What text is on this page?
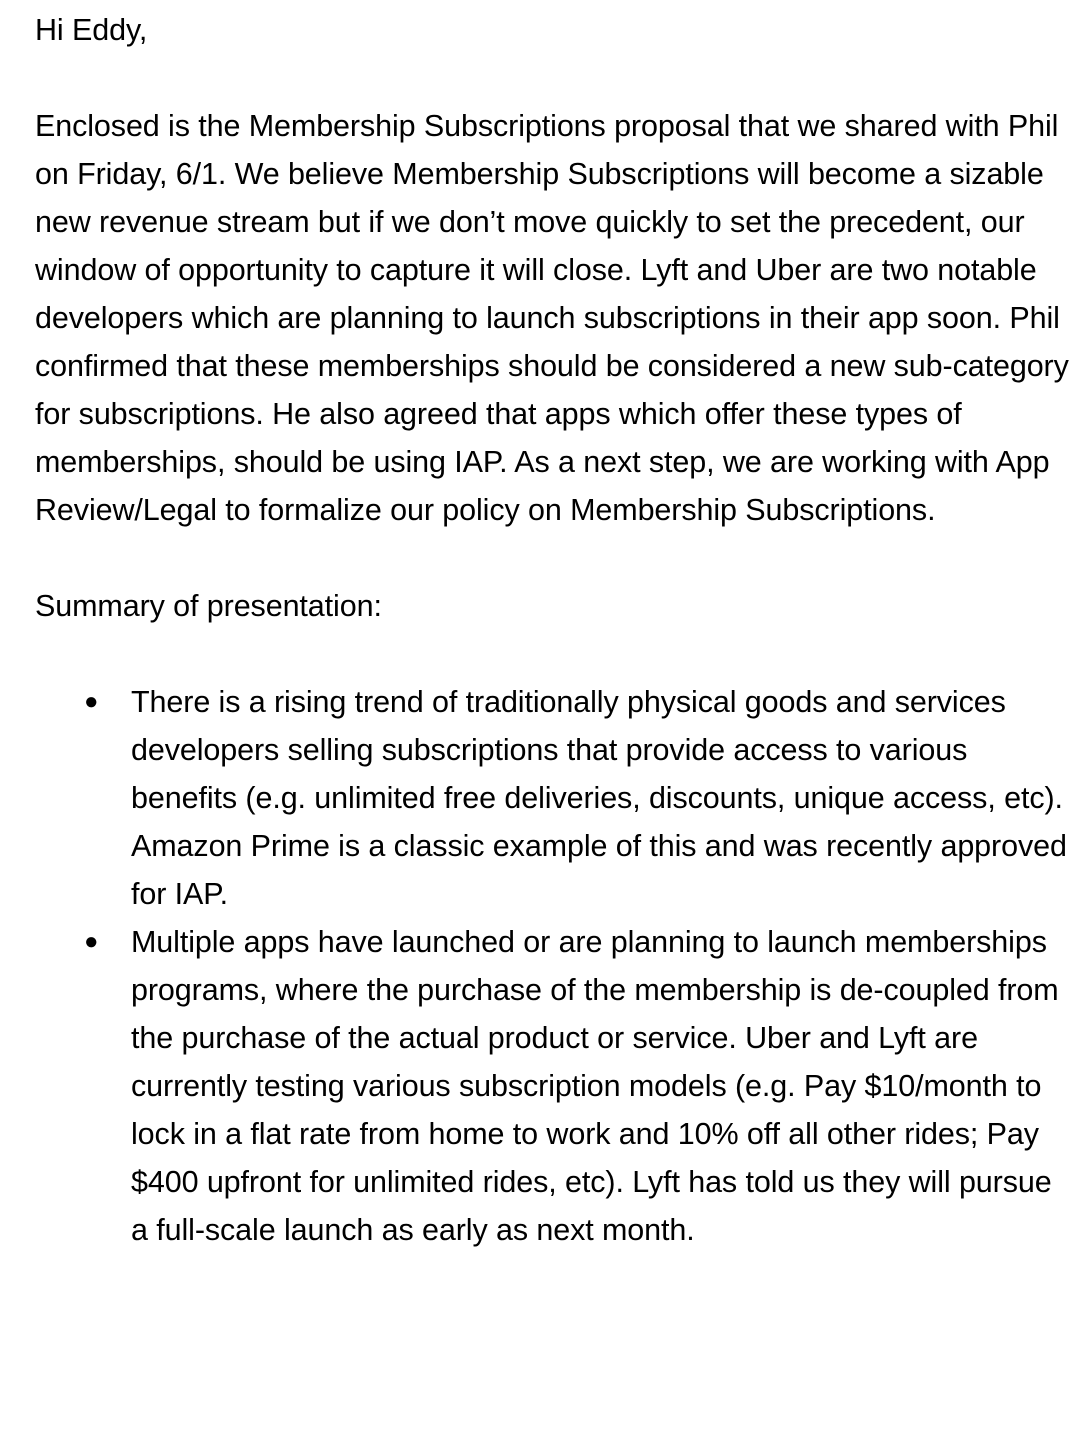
Hi Eddy,

Enclosed is the Membership Subscriptions proposal that we shared with Phil on Friday, 6/1. We believe Membership Subscriptions will become a sizable new revenue stream but if we don’t move quickly to set the precedent, our window of opportunity to capture it will close. Lyft and Uber are two notable developers which are planning to launch subscriptions in their app soon. Phil confirmed that these memberships should be considered a new sub-category for subscriptions. He also agreed that apps which offer these types of memberships, should be using IAP. As a next step, we are working with App Review/Legal to formalize our policy on Membership Subscriptions.

Summary of presentation:

● There is a rising trend of traditionally physical goods and services developers selling subscriptions that provide access to various benefits (e.g. unlimited free deliveries, discounts, unique access, etc). Amazon Prime is a classic example of this and was recently approved for IAP.
● Multiple apps have launched or are planning to launch memberships programs, where the purchase of the membership is de-coupled from the purchase of the actual product or service. Uber and Lyft are currently testing various subscription models (e.g. Pay $10/month to lock in a flat rate from home to work and 10% off all other rides; Pay $400 upfront for unlimited rides, etc). Lyft has told us they will pursue a full-scale launch as early as next month.
